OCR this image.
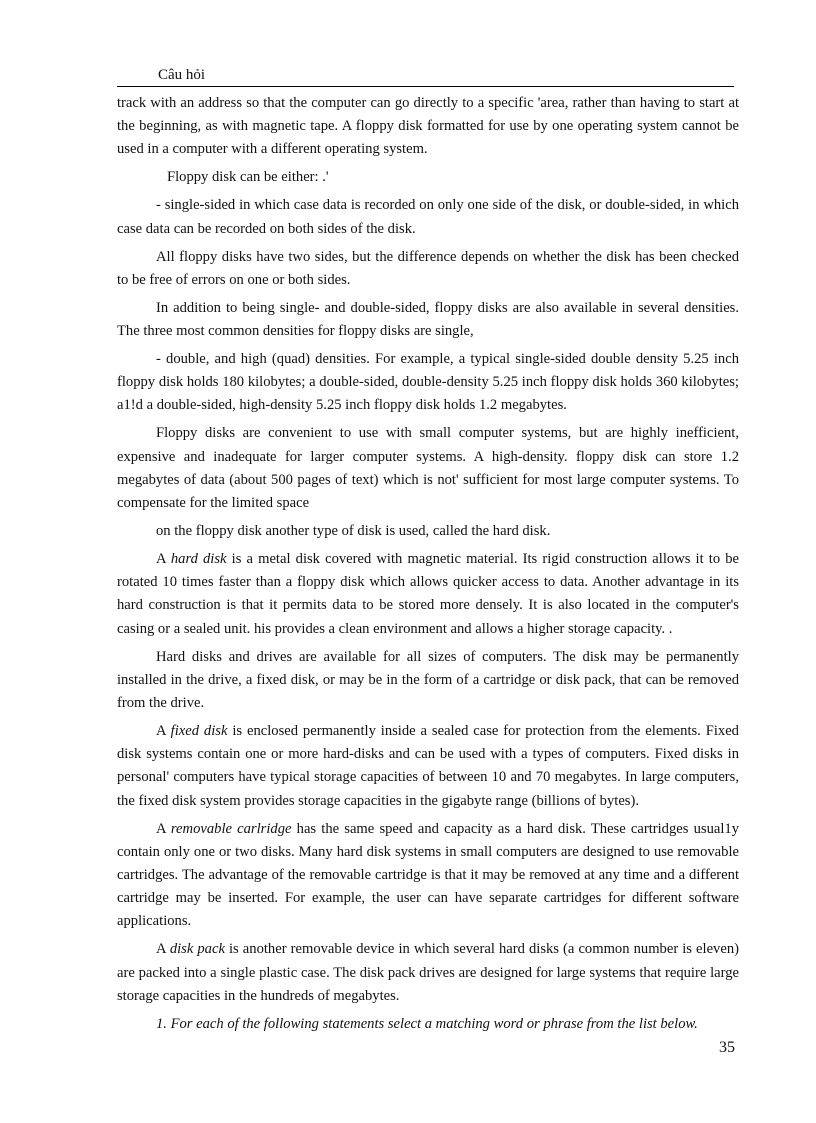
Câu hỏi

track with an address so that the computer can go directly to a specific 'area, rather than having to start at the beginning, as with magnetic tape. A floppy disk formatted for use by one operating system cannot be used in a computer with a different operating system.

Floppy disk can be either: .'

- single-sided in which case data is recorded on only one side of the disk, or double-sided, in which case data can be recorded on both sides of the disk.

All floppy disks have two sides, but the difference depends on whether the disk has been checked to be free of errors on one or both sides.

In addition to being single- and double-sided, floppy disks are also available in several densities. The three most common densities for floppy disks are single,

- double, and high (quad) densities. For example, a typical single-sided double density 5.25 inch floppy disk holds 180 kilobytes; a double-sided, double-density 5.25 inch floppy disk holds 360 kilobytes; a1!d a double-sided, high-density 5.25 inch floppy disk holds 1.2 megabytes.

Floppy disks are convenient to use with small computer systems, but are highly inefficient, expensive and inadequate for larger computer systems. A high-density. floppy disk can store 1.2 megabytes of data (about 500 pages of text) which is not' sufficient for most large computer systems. To compensate for the limited space

on the floppy disk another type of disk is used, called the hard disk.

A hard disk is a metal disk covered with magnetic material. Its rigid construction allows it to be rotated 10 times faster than a floppy disk which allows quicker access to data. Another advantage in its hard construction is that it permits data to be stored more densely. It is also located in the computer's casing or a sealed unit. his provides a clean environment and allows a higher storage capacity. .

Hard disks and drives are available for all sizes of computers. The disk may be permanently installed in the drive, a fixed disk, or may be in the form of a cartridge or disk pack, that can be removed from the drive.

A fixed disk is enclosed permanently inside a sealed case for protection from the elements. Fixed disk systems contain one or more hard-disks and can be used with a types of computers. Fixed disks in personal' computers have typical storage capacities of between 10 and 70 megabytes. In large computers, the fixed disk system provides storage capacities in the gigabyte range (billions of bytes).

A removable carlridge has the same speed and capacity as a hard disk. These cartridges usual1y contain only one or two disks. Many hard disk systems in small computers are designed to use removable cartridges. The advantage of the removable cartridge is that it may be removed at any time and a different cartridge may be inserted. For example, the user can have separate cartridges for different software applications.

A disk pack is another removable device in which several hard disks (a common number is eleven) are packed into a single plastic case. The disk pack drives are designed for large systems that require large storage capacities in the hundreds of megabytes.

1. For each of the following statements select a matching word or phrase from the list below.

35
